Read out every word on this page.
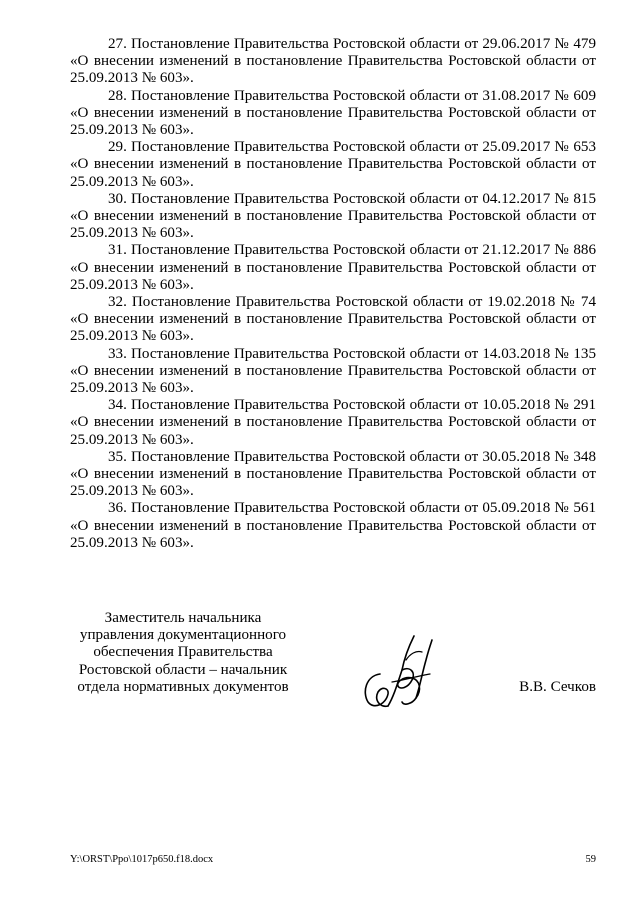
27. Постановление Правительства Ростовской области от 29.06.2017 № 479 «О внесении изменений в постановление Правительства Ростовской области от 25.09.2013 № 603».

28. Постановление Правительства Ростовской области от 31.08.2017 № 609 «О внесении изменений в постановление Правительства Ростовской области от 25.09.2013 № 603».

29. Постановление Правительства Ростовской области от 25.09.2017 № 653 «О внесении изменений в постановление Правительства Ростовской области от 25.09.2013 № 603».

30. Постановление Правительства Ростовской области от 04.12.2017 № 815 «О внесении изменений в постановление Правительства Ростовской области от 25.09.2013 № 603».

31. Постановление Правительства Ростовской области от 21.12.2017 № 886 «О внесении изменений в постановление Правительства Ростовской области от 25.09.2013 № 603».

32. Постановление Правительства Ростовской области от 19.02.2018 № 74 «О внесении изменений в постановление Правительства Ростовской области от 25.09.2013 № 603».

33. Постановление Правительства Ростовской области от 14.03.2018 № 135 «О внесении изменений в постановление Правительства Ростовской области от 25.09.2013 № 603».

34. Постановление Правительства Ростовской области от 10.05.2018 № 291 «О внесении изменений в постановление Правительства Ростовской области от 25.09.2013 № 603».

35. Постановление Правительства Ростовской области от 30.05.2018 № 348 «О внесении изменений в постановление Правительства Ростовской области от 25.09.2013 № 603».

36. Постановление Правительства Ростовской области от 05.09.2018 № 561 «О внесении изменений в постановление Правительства Ростовской области от 25.09.2013 № 603».

Заместитель начальника
управления документационного
обеспечения Правительства
Ростовской области – начальник
отдела нормативных документов	В.В. Сечков
Y:\ORST\Ppo\1017p650.f18.docx	59
